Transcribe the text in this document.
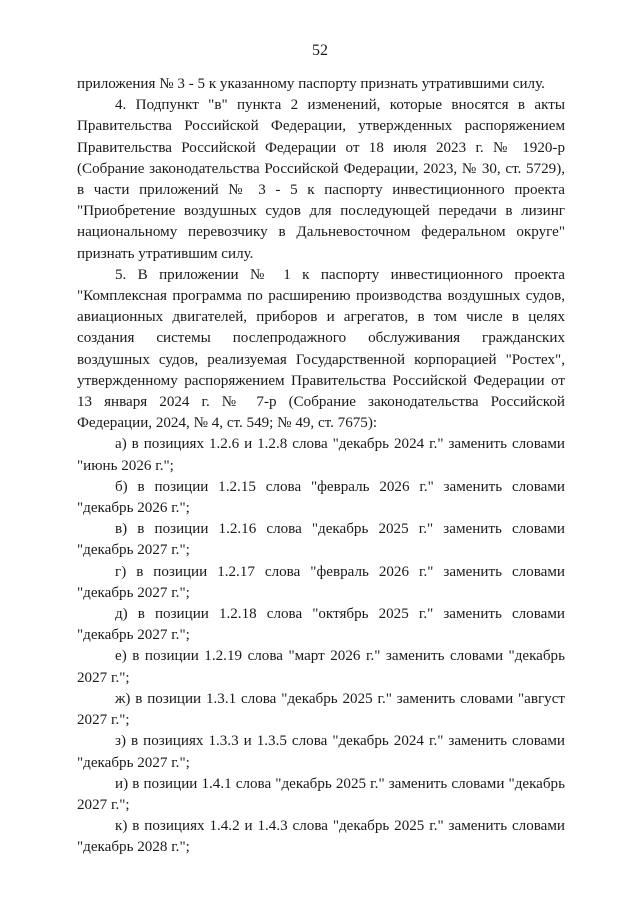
52

приложения № 3 - 5 к указанному паспорту признать утратившими силу.

4. Подпункт "в" пункта 2 изменений, которые вносятся в акты Правительства Российской Федерации, утвержденных распоряжением Правительства Российской Федерации от 18 июля 2023 г. № 1920-р (Собрание законодательства Российской Федерации, 2023, № 30, ст. 5729), в части приложений № 3 - 5 к паспорту инвестиционного проекта "Приобретение воздушных судов для последующей передачи в лизинг национальному перевозчику в Дальневосточном федеральном округе" признать утратившим силу.

5. В приложении № 1 к паспорту инвестиционного проекта "Комплексная программа по расширению производства воздушных судов, авиационных двигателей, приборов и агрегатов, в том числе в целях создания системы послепродажного обслуживания гражданских воздушных судов, реализуемая Государственной корпорацией "Ростех", утвержденному распоряжением Правительства Российской Федерации от 13 января 2024 г. № 7-р (Собрание законодательства Российской Федерации, 2024, № 4, ст. 549; № 49, ст. 7675):

а) в позициях 1.2.6 и 1.2.8 слова "декабрь 2024 г." заменить словами "июнь 2026 г.";

б) в позиции 1.2.15 слова "февраль 2026 г." заменить словами "декабрь 2026 г.";

в) в позиции 1.2.16 слова "декабрь 2025 г." заменить словами "декабрь 2027 г.";

г) в позиции 1.2.17 слова "февраль 2026 г." заменить словами "декабрь 2027 г.";

д) в позиции 1.2.18 слова "октябрь 2025 г." заменить словами "декабрь 2027 г.";

е) в позиции 1.2.19 слова "март 2026 г." заменить словами "декабрь 2027 г.";

ж) в позиции 1.3.1 слова "декабрь 2025 г." заменить словами "август 2027 г.";

з) в позициях 1.3.3 и 1.3.5 слова "декабрь 2024 г." заменить словами "декабрь 2027 г.";

и) в позиции 1.4.1 слова "декабрь 2025 г." заменить словами "декабрь 2027 г.";

к) в позициях 1.4.2 и 1.4.3 слова "декабрь 2025 г." заменить словами "декабрь 2028 г.";
